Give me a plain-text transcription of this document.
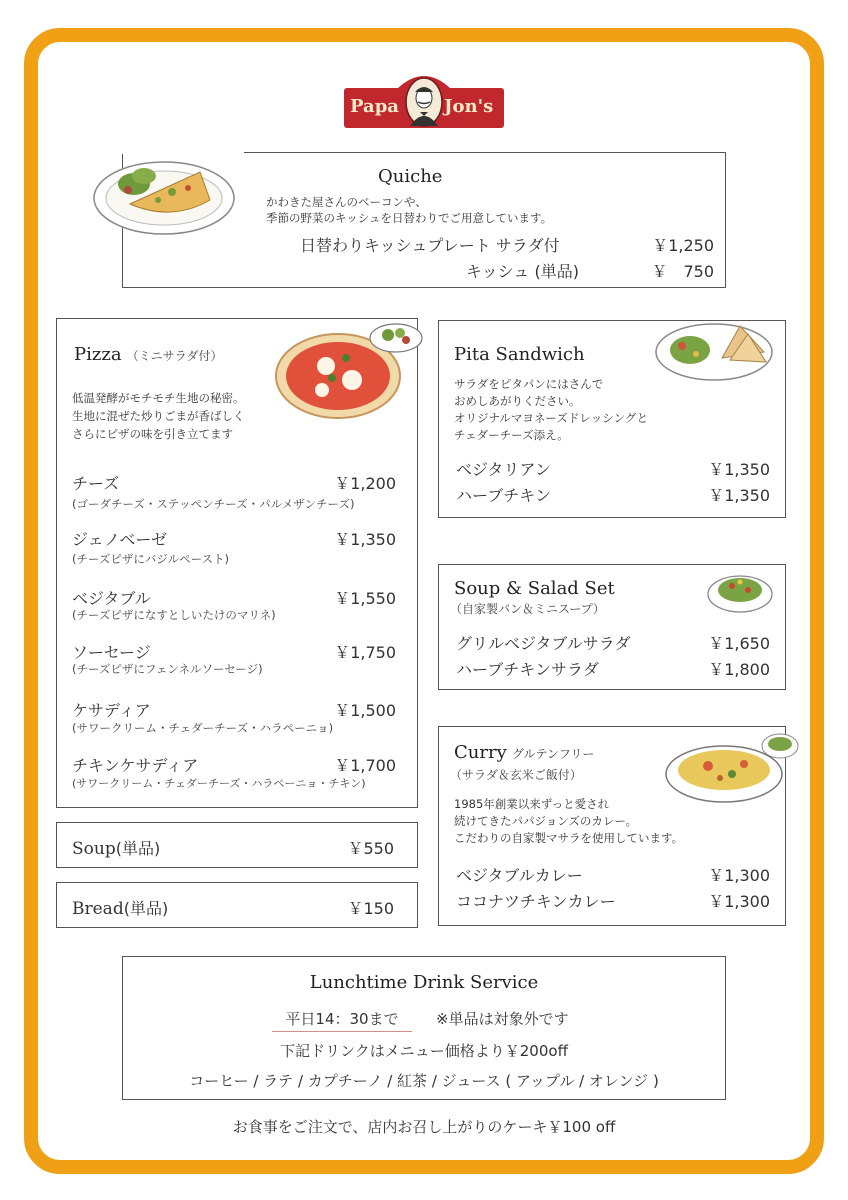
Papa	Jon's
Quiche
かわきた屋さんのベーコンや、
季節の野菜のキッシュを日替わりでご用意しています。
日替わりキッシュプレート サラダ付	￥1,250
キッシュ (単品)	￥　750
Pizza （ミニサラダ付）
低温発酵がモチモチ生地の秘密。
生地に混ぜた炒りごまが香ばしく
さらにピザの味を引き立てます
チーズ	￥1,200
(ゴーダチーズ・ステッペンチーズ・パルメザンチーズ)
ジェノベーゼ	￥1,350
(チーズピザにバジルペースト)
ベジタブル	￥1,550
(チーズピザになすとしいたけのマリネ)
ソーセージ	￥1,750
(チーズピザにフェンネルソーセージ)
ケサディア	￥1,500
(サワークリーム・チェダーチーズ・ハラペーニョ)
チキンケサディア	￥1,700
(サワークリーム・チェダーチーズ・ハラペーニョ・チキン)
Soup(単品)	￥550
Bread(単品)	￥150
Pita Sandwich
サラダをピタパンにはさんで
おめしあがりください。
オリジナルマヨネーズドレッシングと
チェダーチーズ添え。
ベジタリアン	￥1,350
ハーブチキン	￥1,350
Soup & Salad Set
（自家製パン＆ミニスープ）
グリルベジタブルサラダ	￥1,650
ハーブチキンサラダ	￥1,800
Curry グルテンフリー
（サラダ＆玄米ご飯付）
1985年創業以来ずっと愛され
続けてきたパパジョンズのカレー。
こだわりの自家製マサラを使用しています。
ベジタブルカレー	￥1,300
ココナツチキンカレー	￥1,300
Lunchtime Drink Service
平日14：30まで	※単品は対象外です
下記ドリンクはメニュー価格より￥200off
コーヒー / ラテ / カプチーノ / 紅茶 / ジュース ( アップル / オレンジ )
お食事をご注文で、店内お召し上がりのケーキ￥100 off
